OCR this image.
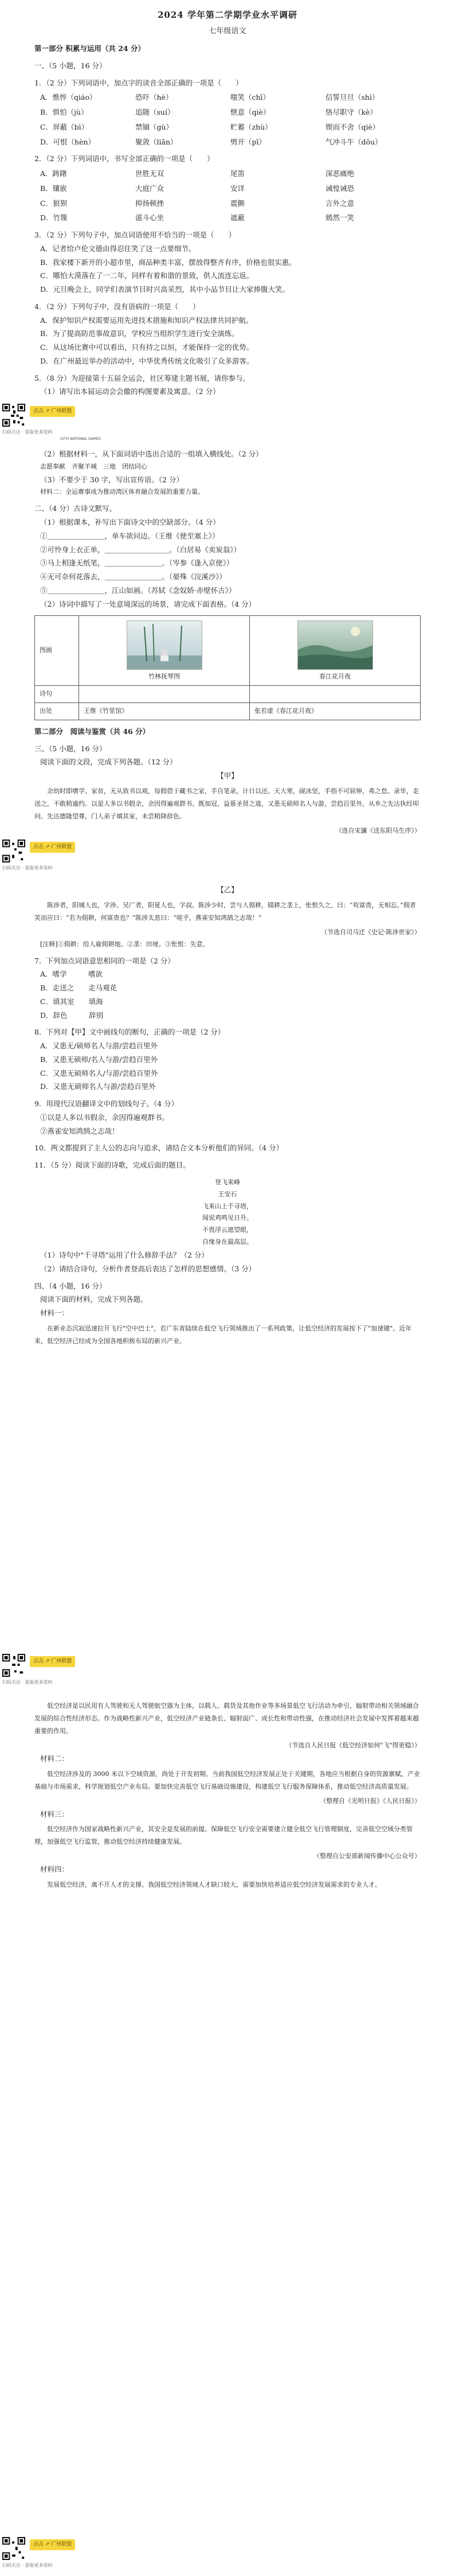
2024 学年第二学期学业水平调研
七年级语文
第一部分 积累与运用（共 24 分）
一、（5 小题，16 分）
1．（2 分）下列词语中，加点字的读音全部正确的一项是（　　）
A．憔悴（qiáo）	恐吓（hè）	嗤笑（chī）	信誓旦旦（shì）
B．惧怕（jù）	追随（suí）	惬意（qiè）	恪尽职守（kè）
C．屏蔽（bì）	禁锢（gù）	贮蓄（zhù）	锲而不舍（qiè）
D．可恨（hèn）	聚敛（liǎn）	劈开（pī）	气冲斗牛（dǒu）
2．（2 分）下列词语中，书写全部正确的一项是（　　）
A．踌躇	世胜无双	尾笛	深恶痛绝
B．镶嵌	大庭广众	安详	诫惶诫恐
C．狼狈	抑扬顿挫	震颤	言外之意
D．竹篾	滋斗心坐	遮蔽	嫣然一笑
3．（2 分）下列句子中，加点词语使用不恰当的一项是（　　）
A．记者给卢伦文德由得忍住笑了这一点要细节。
B．我家楼下新开的小超市里，商品种类丰富，摆放得整齐有序，价格也很实惠。
C．哪怕大漠落在了一二年，同样有着和谐的景致，供人流连忘返。
D．元旦晚会上，同学们表演节目时兴高采烈，其中小品节目让大家捧腹大笑。
4．（2 分）下列句子中，没有语病的一项是（　　）
A．保护知识产权需要运用先进技术措施和知识产权法律共同护航。
B．为了提高防范事故意识，学校应当组织学生进行安全演练。
C．从这场比赛中可以看出，只有持之以恒，才能保持一定的优势。
D．在广州最近举办的活动中，中华优秀传统文化吸引了众多游客。
5．（8 分）为迎接第十五届全运会，社区筹建主题书展，请你参与。
（1）请写出本届运动会会徽的构图要素及寓意。（2 分）
15TH NATIONAL GAMES
点击 ↗ 广州联盟
扫码关注 · 获取更多资料
（2）根据材料一，从下面词语中选出合适的一组填入横线处。（2 分）
志愿奉献　齐聚羊城　三地　团结同心
（3）不要少于 30 字，写出宣传语。（2 分）
材料二：全运赛事成为推动湾区体育融合发展的重要力量。
二、（4 分）古诗文默写。
（1）根据课本，补写出下面诗文中的空缺部分。（4 分）
①＿＿＿＿＿＿＿＿，单车欲问边。（王维《使至塞上》）
②可怜身上衣正单，＿＿＿＿＿＿＿＿＿。（白居易《卖炭翁》）
③马上相逢无纸笔，＿＿＿＿＿＿＿＿。（岑参《逢入京使》）
④无可奈何花落去，＿＿＿＿＿＿＿＿。（晏殊《浣溪沙》）
⑤＿＿＿＿＿＿＿＿，江山如画。（苏轼《念奴娇·赤壁怀古》）
（2）诗词中描写了一处意境深远的场景，请完成下面表格。（4 分）
图画	竹林抚琴图	春江花月夜

诗句		
出处	王维《竹里馆》	张若虚《春江花月夜》
第二部分　阅读与鉴赏（共 46 分）
三、（5 小题，16 分）
阅读下面的文段，完成下列各题。（12 分）
【甲】
余幼时即嗜学。家贫，无从致书以观，每假借于藏书之家，手自笔录，计日以还。天大寒，砚冰坚，手指不可屈伸，弗之怠。录毕，走送之，不敢稍逾约。以是人多以书假余，余因得遍观群书。既加冠，益慕圣贤之道，又患无硕师名人与游，尝趋百里外，从乡之先达执经叩问。先达德隆望尊，门人弟子填其室，未尝稍降辞色。
（选自宋濂《送东阳马生序》）
点击 ↗ 广州联盟
扫码关注 · 获取更多资料
【乙】
陈涉者，阳城人也，字涉。吴广者，阳夏人也，字叔。陈涉少时，尝与人佣耕，辍耕之垄上，怅恨久之，曰：“苟富贵，无相忘。”佣者笑而应曰：“若为佣耕，何富贵也？”陈涉太息曰：“嗟乎，燕雀安知鸿鹄之志哉！”
（节选自司马迁《史记·陈涉世家》）
[注释]①佣耕：给人雇佣耕地。②垄：田埂。③怅恨：失意。
7．下列加点词语意思相同的一项是（2 分）
A．嗜学　　　嗜欲
B．走送之　　走马观花
C．填其室　　填海
D．辞色　　　辞别
8．下列对【甲】文中画线句的断句，正确的一项是（2 分）
A．又患无/硕师名人与游/尝趋百里外
B．又患无硕师/名人与游/尝趋百里外
C．又患无硕师名人/与游/尝趋百里外
D．又患无硕师名人与游/尝趋百里外
9．用现代汉语翻译文中的划线句子。（4 分）
①以是人多以书假余，余因得遍观群书。
②燕雀安知鸿鹄之志哉！
10．两文都提到了主人公的志向与追求，请结合文本分析他们的异同。（4 分）
11．（5 分）阅读下面的诗歌，完成后面的题目。
登飞来峰
王安石
飞来山上千寻塔，
闻说鸡鸣见日升。
不畏浮云遮望眼，
自缘身在最高层。
（1）诗句中"千寻塔"运用了什么修辞手法？（2 分）
（2）请结合诗句，分析作者登高后表达了怎样的思想感情。（3 分）
四、（4 小题，16 分）
阅读下面的材料，完成下列各题。
材料一：
在新业态沉寂迅速拉开飞行"空中巴士"，若广东省陆续在低空飞行领域推出了一系列政策，让低空经济的发展按下了"加速键"。近年来，低空经济已经成为全国各地积极布局的新兴产业。
点击 ↗ 广州联盟
扫码关注 · 获取更多资料
低空经济是以民用有人驾驶和无人驾驶航空器为主体，以载人、载货及其他作业等多场景低空飞行活动为牵引，辐射带动相关领域融合发展的综合性经济形态。作为战略性新兴产业，低空经济产业链条长、辐射面广、成长性和带动性强，在推动经济社会发展中发挥着越来越重要的作用。
（节选自人民日报《低空经济如何"飞"得更稳》）
材料二：
低空经济涉及的 3000 米以下空域资源，尚处于开发初期。当前我国低空经济发展正处于关键期，各地应当根据自身的资源禀赋、产业基础与市场需求，科学规划低空产业布局。要加快完善低空飞行基础设施建设，构建低空飞行服务保障体系，推动低空经济高质量发展。
（整理自《光明日报》《人民日报》）
材料三：
低空经济作为国家战略性新兴产业，其安全是发展的前提。保障低空飞行安全需要建立健全低空飞行管理制度，完善低空空域分类管理，加强低空飞行监管，推动低空经济持续健康发展。
（整理自公安部新闻传播中心公众号）
材料四：
发展低空经济，离不开人才的支撑。我国低空经济领域人才缺口较大，需要加快培养适应低空经济发展需求的专业人才。
点击 ↗ 广州联盟
扫码关注 · 获取更多资料
